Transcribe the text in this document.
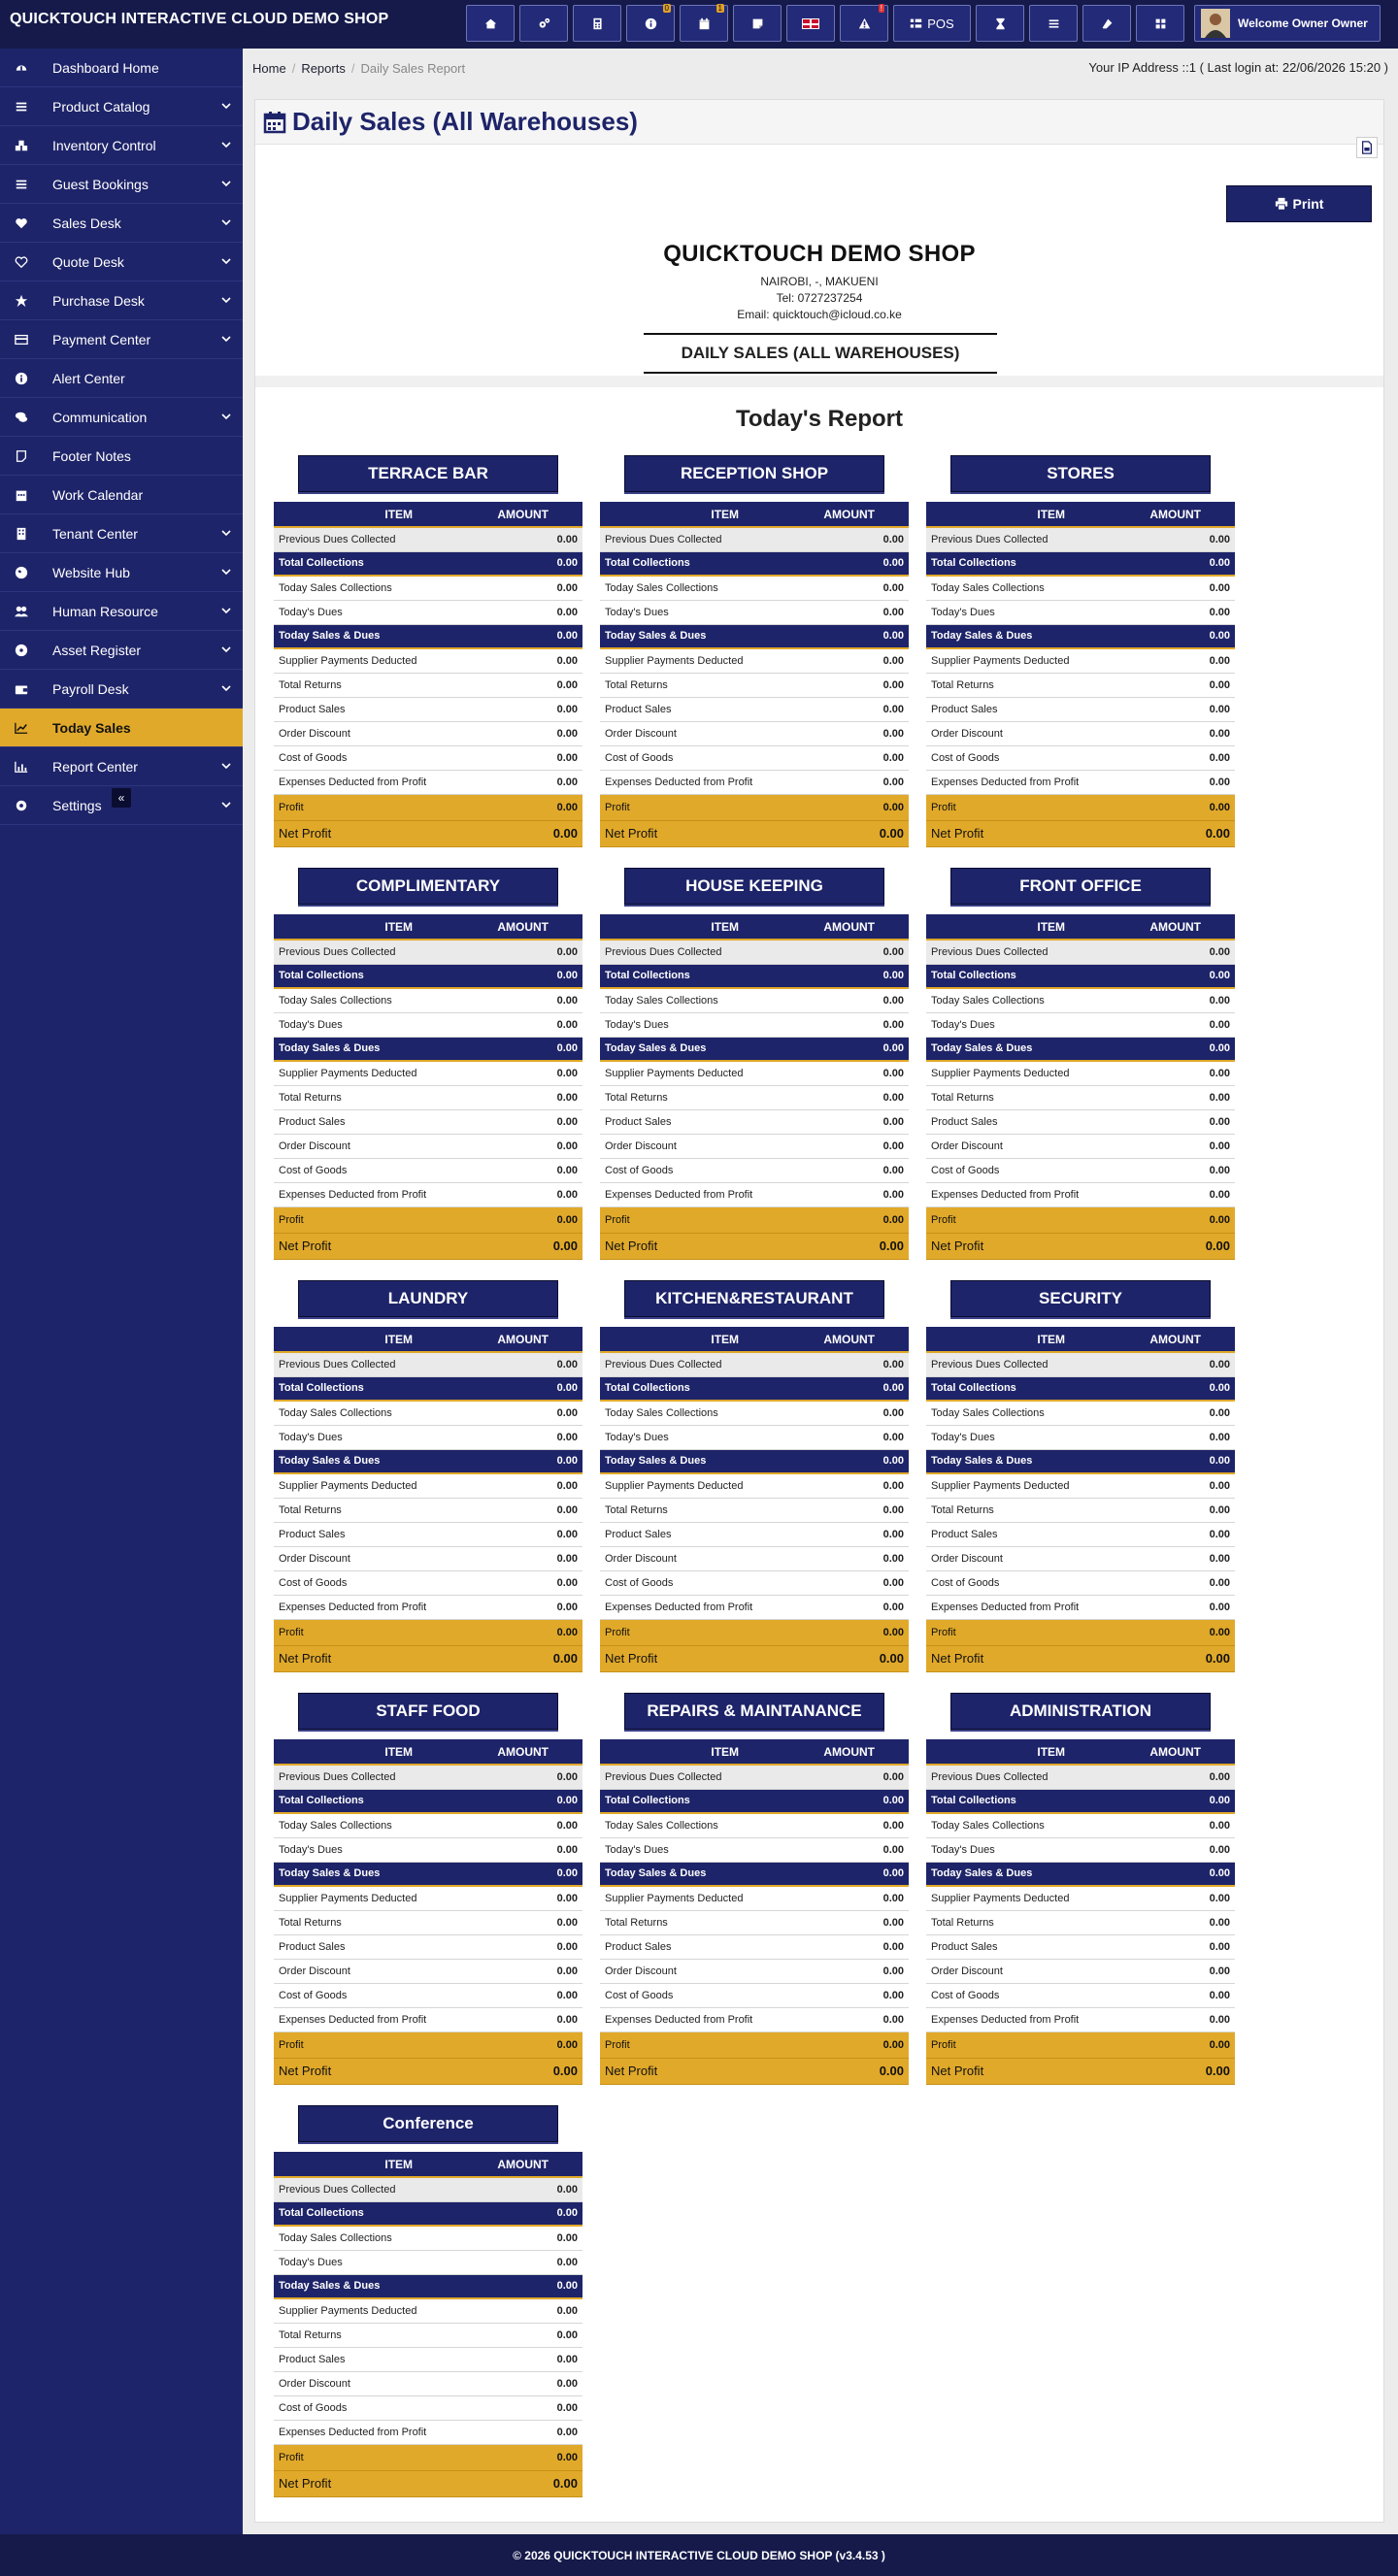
QUICKTOUCH INTERACTIVE CLOUD DEMO SHOP
0	1	!
POS	Welcome Owner Owner
Dashboard Home
Product Catalog
Inventory Control
Guest Bookings
Sales Desk
Quote Desk
Purchase Desk
Payment Center
Alert Center
Communication
Footer Notes
Work Calendar
Tenant Center
Website Hub
Human Resource
Asset Register
Payroll Desk
Today Sales
Report Center
Settings «
Home / Reports / Daily Sales Report	Your IP Address ::1 ( Last login at: 22/06/2026 15:20 )
Daily Sales (All Warehouses)
Print
QUICKTOUCH DEMO SHOP
NAIROBI, -, MAKUENI
Tel: 0727237254
Email: quicktouch@icloud.co.ke
DAILY SALES (ALL WAREHOUSES)
Today's Report
TERRACE BAR
ITEM	AMOUNT
Previous Dues Collected	0.00
Total Collections	0.00
Today Sales Collections	0.00
Today's Dues	0.00
Today Sales & Dues	0.00
Supplier Payments Deducted	0.00
Total Returns	0.00
Product Sales	0.00
Order Discount	0.00
Cost of Goods	0.00
Expenses Deducted from Profit	0.00
Profit	0.00
Net Profit	0.00
RECEPTION SHOP
ITEM	AMOUNT
Previous Dues Collected	0.00
Total Collections	0.00
Today Sales Collections	0.00
Today's Dues	0.00
Today Sales & Dues	0.00
Supplier Payments Deducted	0.00
Total Returns	0.00
Product Sales	0.00
Order Discount	0.00
Cost of Goods	0.00
Expenses Deducted from Profit	0.00
Profit	0.00
Net Profit	0.00
STORES
ITEM	AMOUNT
Previous Dues Collected	0.00
Total Collections	0.00
Today Sales Collections	0.00
Today's Dues	0.00
Today Sales & Dues	0.00
Supplier Payments Deducted	0.00
Total Returns	0.00
Product Sales	0.00
Order Discount	0.00
Cost of Goods	0.00
Expenses Deducted from Profit	0.00
Profit	0.00
Net Profit	0.00
COMPLIMENTARY
ITEM	AMOUNT
Previous Dues Collected	0.00
Total Collections	0.00
Today Sales Collections	0.00
Today's Dues	0.00
Today Sales & Dues	0.00
Supplier Payments Deducted	0.00
Total Returns	0.00
Product Sales	0.00
Order Discount	0.00
Cost of Goods	0.00
Expenses Deducted from Profit	0.00
Profit	0.00
Net Profit	0.00
HOUSE KEEPING
ITEM	AMOUNT
Previous Dues Collected	0.00
Total Collections	0.00
Today Sales Collections	0.00
Today's Dues	0.00
Today Sales & Dues	0.00
Supplier Payments Deducted	0.00
Total Returns	0.00
Product Sales	0.00
Order Discount	0.00
Cost of Goods	0.00
Expenses Deducted from Profit	0.00
Profit	0.00
Net Profit	0.00
FRONT OFFICE
ITEM	AMOUNT
Previous Dues Collected	0.00
Total Collections	0.00
Today Sales Collections	0.00
Today's Dues	0.00
Today Sales & Dues	0.00
Supplier Payments Deducted	0.00
Total Returns	0.00
Product Sales	0.00
Order Discount	0.00
Cost of Goods	0.00
Expenses Deducted from Profit	0.00
Profit	0.00
Net Profit	0.00
LAUNDRY
ITEM	AMOUNT
Previous Dues Collected	0.00
Total Collections	0.00
Today Sales Collections	0.00
Today's Dues	0.00
Today Sales & Dues	0.00
Supplier Payments Deducted	0.00
Total Returns	0.00
Product Sales	0.00
Order Discount	0.00
Cost of Goods	0.00
Expenses Deducted from Profit	0.00
Profit	0.00
Net Profit	0.00
KITCHEN&RESTAURANT
ITEM	AMOUNT
Previous Dues Collected	0.00
Total Collections	0.00
Today Sales Collections	0.00
Today's Dues	0.00
Today Sales & Dues	0.00
Supplier Payments Deducted	0.00
Total Returns	0.00
Product Sales	0.00
Order Discount	0.00
Cost of Goods	0.00
Expenses Deducted from Profit	0.00
Profit	0.00
Net Profit	0.00
SECURITY
ITEM	AMOUNT
Previous Dues Collected	0.00
Total Collections	0.00
Today Sales Collections	0.00
Today's Dues	0.00
Today Sales & Dues	0.00
Supplier Payments Deducted	0.00
Total Returns	0.00
Product Sales	0.00
Order Discount	0.00
Cost of Goods	0.00
Expenses Deducted from Profit	0.00
Profit	0.00
Net Profit	0.00
STAFF FOOD
ITEM	AMOUNT
Previous Dues Collected	0.00
Total Collections	0.00
Today Sales Collections	0.00
Today's Dues	0.00
Today Sales & Dues	0.00
Supplier Payments Deducted	0.00
Total Returns	0.00
Product Sales	0.00
Order Discount	0.00
Cost of Goods	0.00
Expenses Deducted from Profit	0.00
Profit	0.00
Net Profit	0.00
REPAIRS & MAINTANANCE
ITEM	AMOUNT
Previous Dues Collected	0.00
Total Collections	0.00
Today Sales Collections	0.00
Today's Dues	0.00
Today Sales & Dues	0.00
Supplier Payments Deducted	0.00
Total Returns	0.00
Product Sales	0.00
Order Discount	0.00
Cost of Goods	0.00
Expenses Deducted from Profit	0.00
Profit	0.00
Net Profit	0.00
ADMINISTRATION
ITEM	AMOUNT
Previous Dues Collected	0.00
Total Collections	0.00
Today Sales Collections	0.00
Today's Dues	0.00
Today Sales & Dues	0.00
Supplier Payments Deducted	0.00
Total Returns	0.00
Product Sales	0.00
Order Discount	0.00
Cost of Goods	0.00
Expenses Deducted from Profit	0.00
Profit	0.00
Net Profit	0.00
Conference
ITEM	AMOUNT
Previous Dues Collected	0.00
Total Collections	0.00
Today Sales Collections	0.00
Today's Dues	0.00
Today Sales & Dues	0.00
Supplier Payments Deducted	0.00
Total Returns	0.00
Product Sales	0.00
Order Discount	0.00
Cost of Goods	0.00
Expenses Deducted from Profit	0.00
Profit	0.00
Net Profit	0.00
© 2026 QUICKTOUCH INTERACTIVE CLOUD DEMO SHOP (v3.4.53 )
